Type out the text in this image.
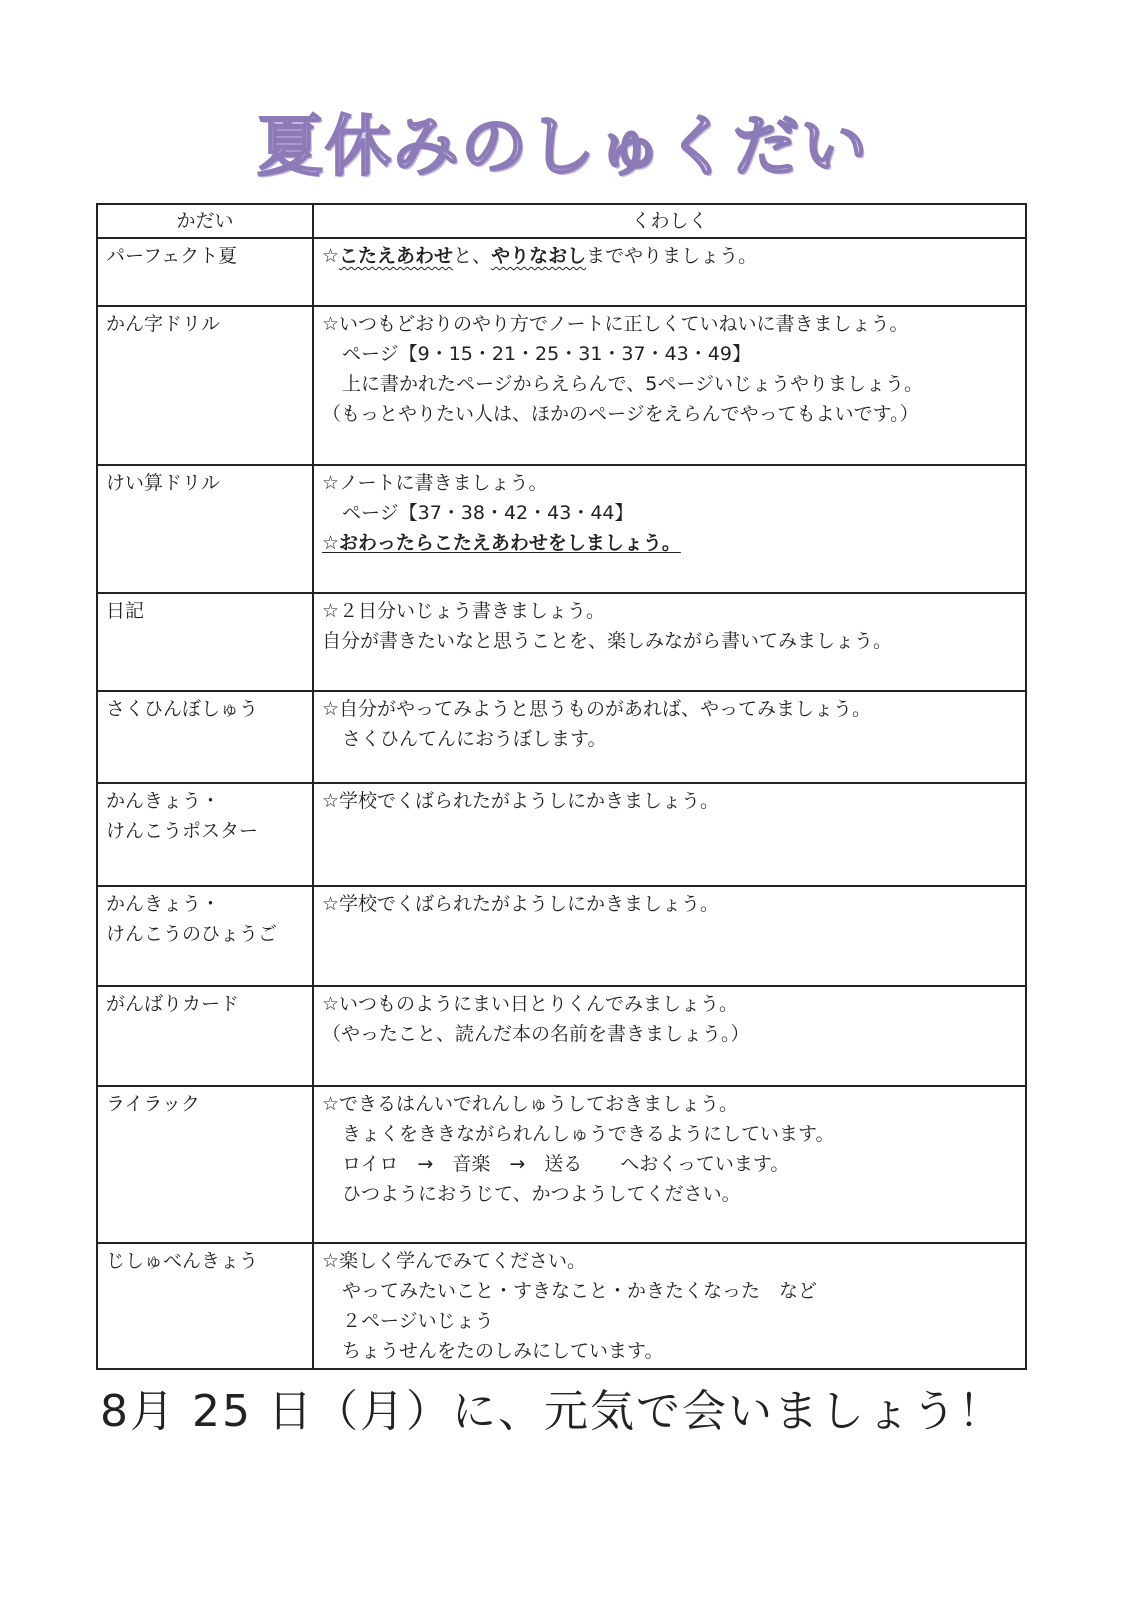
夏休みのしゅくだい
かだい	くわしく

パーフェクト夏	☆こたえあわせと、やりなおしまでやりましょう。

かん字ドリル	☆いつもどおりのやり方でノートに正しくていねいに書きましょう。
ページ【9・15・21・25・31・37・43・49】
上に書かれたページからえらんで、5ページいじょうやりましょう。
（もっとやりたい人は、ほかのページをえらんでやってもよいです。）

けい算ドリル	☆ノートに書きましょう。
ページ【37・38・42・43・44】
☆おわったらこたえあわせをしましょう。

日記	☆２日分いじょう書きましょう。
自分が書きたいなと思うことを、楽しみながら書いてみましょう。

さくひんぼしゅう	☆自分がやってみようと思うものがあれば、やってみましょう。
さくひんてんにおうぼします。

かんきょう・
けんこうポスター	☆学校でくばられたがようしにかきましょう。

かんきょう・
けんこうのひょうご	☆学校でくばられたがようしにかきましょう。

がんばりカード	☆いつものようにまい日とりくんでみましょう。
（やったこと、読んだ本の名前を書きましょう。）

ライラック	☆できるはんいでれんしゅうしておきましょう。
きょくをききながられんしゅうできるようにしています。
ロイロ　→　音楽　→　送る　　へおくっています。
ひつようにおうじて、かつようしてください。

じしゅべんきょう	☆楽しく学んでみてください。
やってみたいこと・すきなこと・かきたくなった　など
２ページいじょう
ちょうせんをたのしみにしています。
8月 25 日（月）に、元気で会いましょう！
